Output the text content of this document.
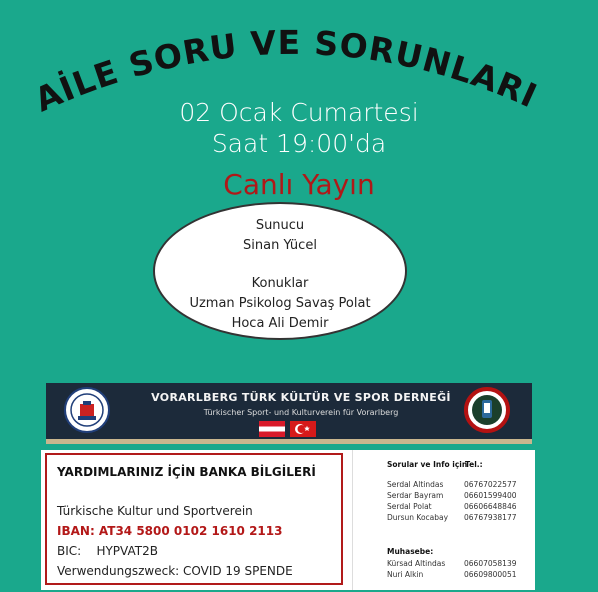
AİLE SORU VE SORUNLARI
02 Ocak Cumartesi
Saat 19:00'da
Canlı Yayın
Sunucu
Sinan Yücel
Konuklar
Uzman Psikolog Savaş Polat
Hoca Ali Demir
VORARLBERG TÜRK KÜLTÜR VE SPOR DERNEĞİ
Türkischer Sport- und Kulturverein für Vorarlberg
YARDIMLARINIZ İÇİN BANKA BİLGİLERİ
Türkische Kultur und Sportverein
IBAN: AT34 5800 0102 1610 2113
BIC:    HYPVAT2B
Verwendungszweck: COVID 19 SPENDE
Sorular ve Info için
Tel.:
Serdal Altindas	06767022577
Serdar Bayram	06601599400
Serdal Polat	06606648846
Dursun Kocabay 06767938177
Muhasebe:
Kürsad Altindas 06607058139
Nuri Alkin	06609800051
